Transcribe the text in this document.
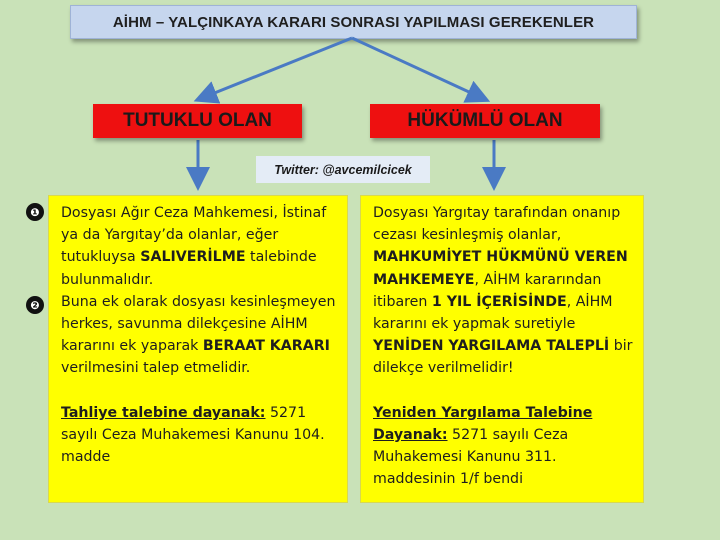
AİHM – YALÇINKAYA KARARI SONRASI YAPILMASI GEREKENLER
TUTUKLU OLAN	HÜKÜMLÜ OLAN
Twitter: @avcemilcicek
❶
❷

Dosyası Ağır Ceza Mahkemesi, İstinaf ya da Yargıtay’da olanlar, eğer tutukluysa SALIVERİLME talebinde bulunmalıdır.

Buna ek olarak dosyası kesinleşmeyen herkes, savunma dilekçesine AİHM kararını ek yaparak BERAAT KARARI verilmesini talep etmelidir.

Tahliye talebine dayanak: 5271 sayılı Ceza Muhakemesi Kanunu 104. madde

Dosyası Yargıtay tarafından onanıp cezası kesinleşmiş olanlar, MAHKUMİYET HÜKMÜNÜ VEREN MAHKEMEYE, AİHM kararından itibaren 1 YIL İÇERİSİNDE, AİHM kararını ek yapmak suretiyle YENİDEN YARGILAMA TALEPLİ bir dilekçe verilmelidir!

Yeniden Yargılama Talebine Dayanak: 5271 sayılı Ceza Muhakemesi Kanunu 311. maddesinin 1/f bendi
